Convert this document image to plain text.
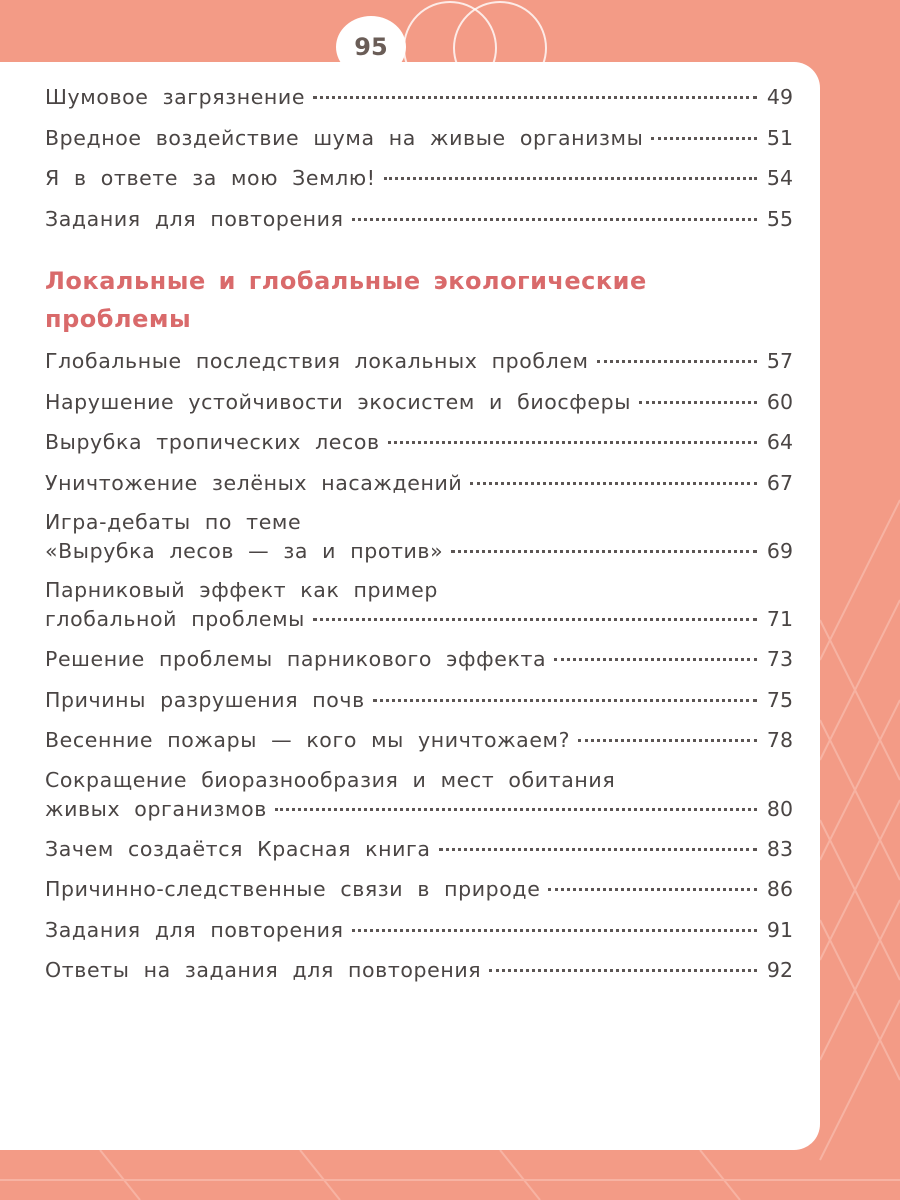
95
Шумовое загрязнение	49
Вредное воздействие шума на живые организмы	51
Я в ответе за мою Землю!	54
Задания для повторения	55
Локальные и глобальные экологические
проблемы
Глобальные последствия локальных проблем	57
Нарушение устойчивости экосистем и биосферы	60
Вырубка тропических лесов	64
Уничтожение зелёных насаждений	67
Игра-дебаты по теме
«Вырубка лесов — за и против»	69
Парниковый эффект как пример
глобальной проблемы	71
Решение проблемы парникового эффекта	73
Причины разрушения почв	75
Весенние пожары — кого мы уничтожаем?	78
Сокращение биоразнообразия и мест обитания
живых организмов	80
Зачем создаётся Красная книга	83
Причинно-следственные связи в природе	86
Задания для повторения	91
Ответы на задания для повторения	92
